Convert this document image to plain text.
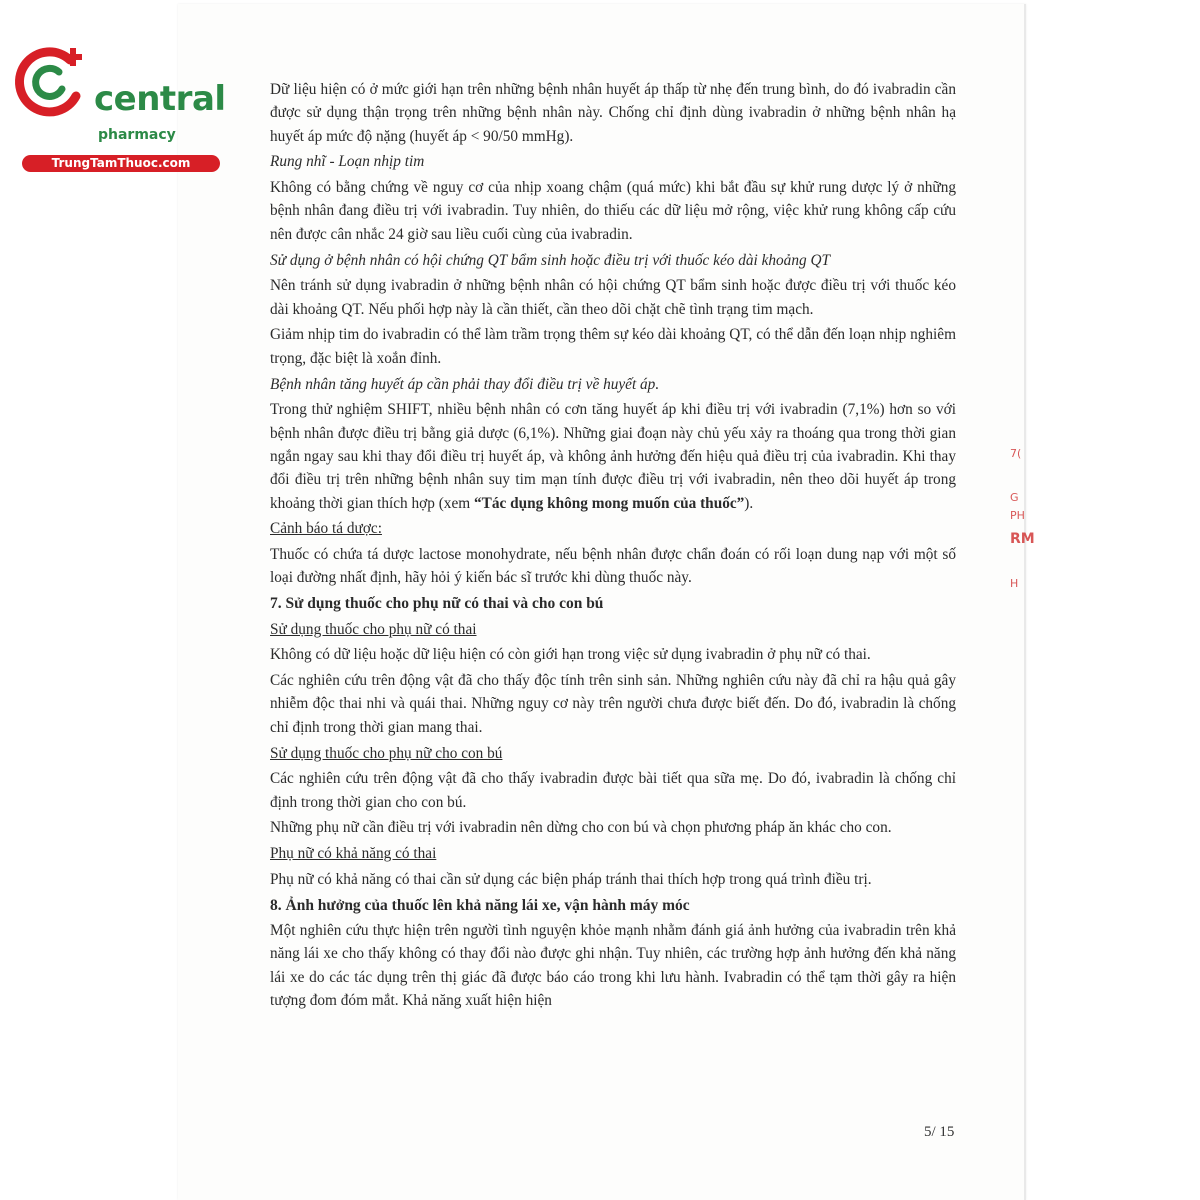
central
pharmacy
TrungTamThuoc.com

Dữ liệu hiện có ở mức giới hạn trên những bệnh nhân huyết áp thấp từ nhẹ đến trung bình, do đó ivabradin cần được sử dụng thận trọng trên những bệnh nhân này. Chống chỉ định dùng ivabradin ở những bệnh nhân hạ huyết áp mức độ nặng (huyết áp < 90/50 mmHg).

Rung nhĩ - Loạn nhịp tim

Không có bằng chứng về nguy cơ của nhịp xoang chậm (quá mức) khi bắt đầu sự khử rung dược lý ở những bệnh nhân đang điều trị với ivabradin. Tuy nhiên, do thiếu các dữ liệu mở rộng, việc khử rung không cấp cứu nên được cân nhắc 24 giờ sau liều cuối cùng của ivabradin.

Sử dụng ở bệnh nhân có hội chứng QT bẩm sinh hoặc điều trị với thuốc kéo dài khoảng QT

Nên tránh sử dụng ivabradin ở những bệnh nhân có hội chứng QT bẩm sinh hoặc được điều trị với thuốc kéo dài khoảng QT. Nếu phối hợp này là cần thiết, cần theo dõi chặt chẽ tình trạng tim mạch.

Giảm nhịp tim do ivabradin có thể làm trầm trọng thêm sự kéo dài khoảng QT, có thể dẫn đến loạn nhịp nghiêm trọng, đặc biệt là xoắn đỉnh.

Bệnh nhân tăng huyết áp cần phải thay đổi điều trị về huyết áp.

Trong thử nghiệm SHIFT, nhiều bệnh nhân có cơn tăng huyết áp khi điều trị với ivabradin (7,1%) hơn so với bệnh nhân được điều trị bằng giả dược (6,1%). Những giai đoạn này chủ yếu xảy ra thoáng qua trong thời gian ngắn ngay sau khi thay đổi điều trị huyết áp, và không ảnh hưởng đến hiệu quả điều trị của ivabradin. Khi thay đổi điều trị trên những bệnh nhân suy tim mạn tính được điều trị với ivabradin, nên theo dõi huyết áp trong khoảng thời gian thích hợp (xem “Tác dụng không mong muốn của thuốc”).

Cảnh báo tá dược:

Thuốc có chứa tá dược lactose monohydrate, nếu bệnh nhân được chẩn đoán có rối loạn dung nạp với một số loại đường nhất định, hãy hỏi ý kiến bác sĩ trước khi dùng thuốc này.

7. Sử dụng thuốc cho phụ nữ có thai và cho con bú

Sử dụng thuốc cho phụ nữ có thai

Không có dữ liệu hoặc dữ liệu hiện có còn giới hạn trong việc sử dụng ivabradin ở phụ nữ có thai.

Các nghiên cứu trên động vật đã cho thấy độc tính trên sinh sản. Những nghiên cứu này đã chỉ ra hậu quả gây nhiễm độc thai nhi và quái thai. Những nguy cơ này trên người chưa được biết đến. Do đó, ivabradin là chống chỉ định trong thời gian mang thai.

Sử dụng thuốc cho phụ nữ cho con bú

Các nghiên cứu trên động vật đã cho thấy ivabradin được bài tiết qua sữa mẹ. Do đó, ivabradin là chống chỉ định trong thời gian cho con bú.

Những phụ nữ cần điều trị với ivabradin nên dừng cho con bú và chọn phương pháp ăn khác cho con.

Phụ nữ có khả năng có thai

Phụ nữ có khả năng có thai cần sử dụng các biện pháp tránh thai thích hợp trong quá trình điều trị.

8. Ảnh hưởng của thuốc lên khả năng lái xe, vận hành máy móc

Một nghiên cứu thực hiện trên người tình nguyện khỏe mạnh nhằm đánh giá ảnh hưởng của ivabradin trên khả năng lái xe cho thấy không có thay đổi nào được ghi nhận. Tuy nhiên, các trường hợp ảnh hưởng đến khả năng lái xe do các tác dụng trên thị giác đã được báo cáo trong khi lưu hành. Ivabradin có thể tạm thời gây ra hiện tượng đom đóm mắt. Khả năng xuất hiện hiện

5/ 15
7(
G
PH
RM
H
